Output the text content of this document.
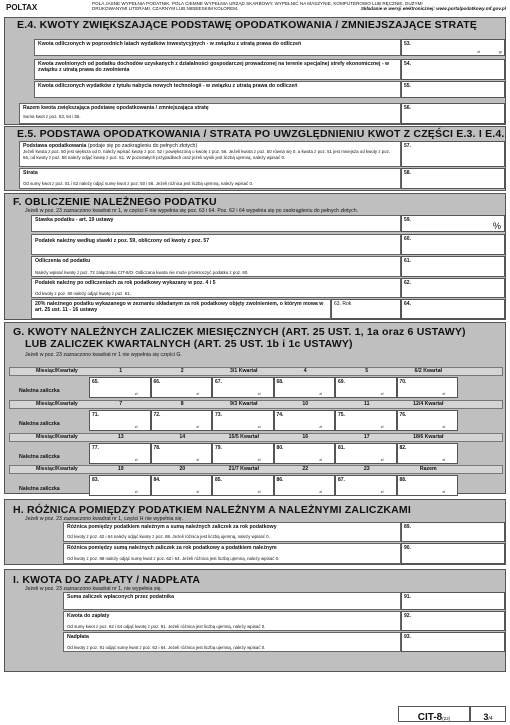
POLTAX	POLA JASNE WYPEŁNIA PODATNIK. POLA CIEMNE WYPEŁNIA URZĄD SKARBOWY. WYPEŁNIĆ NA MASZYNIE, KOMPUTEROWO LUB RĘCZNIE, DUŻYMI
DRUKOWANYMI LITERAMI, CZARNYM LUB NIEBIESKIM KOLOREM.	Składanie w wersji elektronicznej: www.portalpodatkowy.mf.gov.pl
E.4. KWOTY ZWIĘKSZAJĄCE PODSTAWĘ OPODATKOWANIA / ZMNIEJSZAJĄCE STRATĘ
Kwota odliczonych w poprzednich latach wydatków inwestycyjnych - w związku z utratą prawa do odliczeń	53.
zł	gr
Kwota zwolnionych od podatku dochodów uzyskanych z działalności gospodarczej prowadzonej na terenie specjalnej strefy ekonomicznej - w związku z utratą prawa do zwolnienia
54.
Kwota odliczonych wydatków z tytułu nabycia nowych technologii - w związku z utratą prawa do odliczeń	55.
Razem kwota zwiększająca podstawę opodatkowania / zmniejszająca stratę
Suma kwot z poz. 53, 54 i 55.
56.
E.5. PODSTAWA OPODATKOWANIA / STRATA PO UWZGLĘDNIENIU KWOT Z CZĘŚCI E.3. I E.4.
Podstawa opodatkowania (podaje się po zaokrągleniu do pełnych złotych)
Jeżeli kwota z poz. 50 jest większa od 0, należy wpisać kwotę z poz. 52 i powiększoną o kwotę z poz. 56. Jeżeli kwota z poz. 50 równa się 0, a kwota z poz. 51 jest mniejsza od kwoty z poz. 56, od kwoty z poz. 56 należy odjąć kwotę z poz. 51. W pozostałych przypadkach oraz jeżeli wynik jest liczbą ujemną, należy wpisać 0.
57.
Strata
Od sumy kwot z poz. 51 i 52 należy odjąć sumę kwot z poz. 50 i 56. Jeżeli różnica jest liczbą ujemną, należy wpisać 0.
58.
F. OBLICZENIE NALEŻNEGO PODATKU
Jeżeli w poz. 23 zaznaczono kwadrat nr 1, w części F nie wypełnia się poz. 63 i 64. Poz. 62 i 64 wypełnia się po zaokrągleniu do pełnych złotych.
Stawka podatku - art. 19 ustawy	59.
%
Podatek należny według stawki z poz. 59, obliczony od kwoty z poz. 57	60.
Odliczenia od podatku
Należy wpisać kwotę z poz. 72 załącznika CIT-8/O. Odliczana kwota nie może przekroczyć podatku z poz. 60.
61.
Podatek należny po odliczeniach za rok podatkowy wykazany w poz. 4 i 5
Od kwoty z poz. 60 należy odjąć kwotę z poz. 61.
62.
20% należnego podatku wykazanego w zeznaniu składanym za rok podatkowy objęty zwolnieniem, o którym mowa w art. 25 ust. 11 - 16 ustawy
63. Rok	64.
G. KWOTY NALEŻNYCH ZALICZEK MIESIĘCZNYCH (ART. 25 UST. 1, 1a oraz 6 USTAWY)
LUB ZALICZEK KWARTALNYCH (ART. 25 UST. 1b i 1c USTAWY)
Jeżeli w poz. 23 zaznaczono kwadrat nr 1 nie wypełnia się części G.
Miesiąc/Kwartały	1	2	3/1 Kwartał	4	5	6/2 Kwartał
Należna zaliczka
65.
zł
66.
zł
67.
zł
68.
zł
69.
zł
70.
zł
Miesiąc/Kwartały	7	8	9/3 Kwartał	10	11	12/4 Kwartał
Należna zaliczka
71.
zł
72.
zł
73.
zł
74.
zł
75.
zł
76.
zł
Miesiąc/Kwartały	13	14	15/5 Kwartał	16	17	18/6 Kwartał
Należna zaliczka
77.
zł
78.
zł
79.
zł
80.
zł
81.
zł
82.
zł
Miesiąc/Kwartały	19	20	21/7 Kwartał	22	23	Razem
Należna zaliczka
83.
zł
84.
zł
85.
zł
86.
zł
87.
zł
88.
zł
H. RÓŻNICA POMIĘDZY PODATKIEM NALEŻNYM A NALEŻNYMI ZALICZKAMI
Jeżeli w poz. 23 zaznaczono kwadrat nr 1, części H nie wypełnia się.
Różnica pomiędzy podatkiem należnym a sumą należnych zaliczek za rok podatkowy
Od kwoty z poz. 62 i 64 należy odjąć kwotę z poz. 88. Jeżeli różnica jest liczbą ujemną, należy wpisać 0.
89.
Różnica pomiędzy sumą należnych zaliczek za rok podatkowy a podatkiem należnym
Od kwoty z poz. 88 należy odjąć sumę kwot z poz. 62 i 64. Jeżeli różnica jest liczbą ujemną, należy wpisać 0.
90.
I. KWOTA DO ZAPŁATY / NADPŁATA
Jeżeli w poz. 23 zaznaczono kwadrat nr 1, nie wypełnia się.
Suma zaliczek wpłaconych przez podatnika	91.
Kwota do zapłaty
Od sumy kwot z poz. 62 i 64 odjąć kwotę z poz. 91. Jeżeli różnica jest liczbą ujemną, należy wpisać 0.
92.
Nadpłata
Od kwoty z poz. 91 odjąć sumę kwot z poz. 62 i 64. Jeżeli różnica jest liczbą ujemną, należy wpisać 0.
93.
CIT-8(22)	3/4
